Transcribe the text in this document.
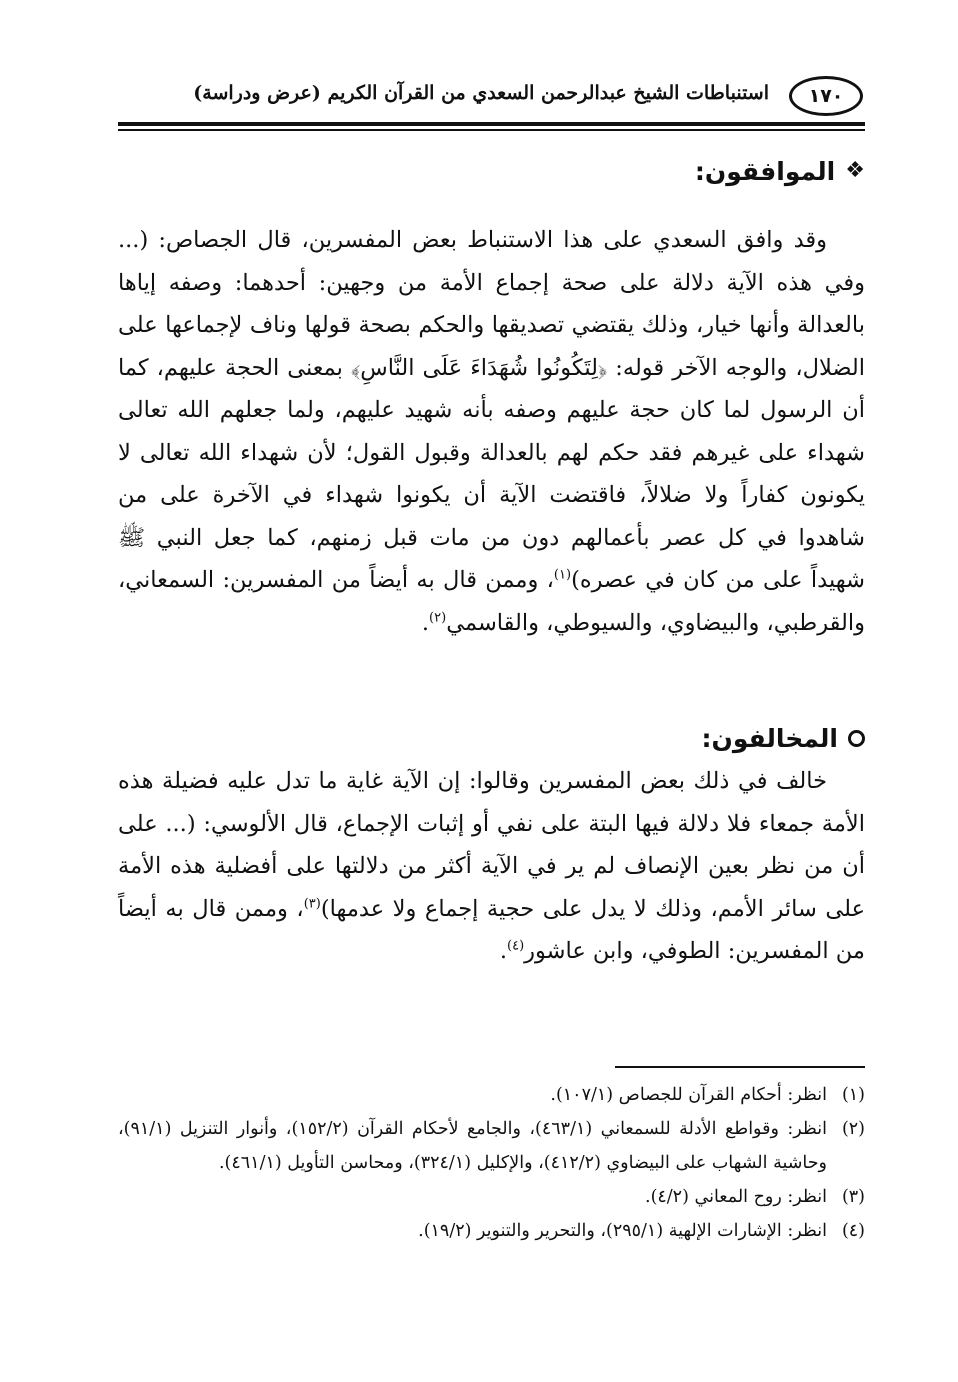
١٧٠
استنباطات الشيخ عبدالرحمن السعدي من القرآن الكريم (عرض ودراسة)
❖
الموافقون:

وقد وافق السعدي على هذا الاستنباط بعض المفسرين، قال الجصاص: (... وفي هذه الآية دلالة على صحة إجماع الأمة من وجهين: أحدهما: وصفه إياها بالعدالة وأنها خيار، وذلك يقتضي تصديقها والحكم بصحة قولها وناف لإجماعها على الضلال، والوجه الآخر قوله: ﴿لِتَكُونُوا شُهَدَاءَ عَلَى النَّاسِ﴾ بمعنى الحجة عليهم، كما أن الرسول لما كان حجة عليهم وصفه بأنه شهيد عليهم، ولما جعلهم الله تعالى شهداء على غيرهم فقد حكم لهم بالعدالة وقبول القول؛ لأن شهداء الله تعالى لا يكونون كفاراً ولا ضلالاً، فاقتضت الآية أن يكونوا شهداء في الآخرة على من شاهدوا في كل عصر بأعمالهم دون من مات قبل زمنهم، كما جعل النبي ﷺ شهيداً على من كان في عصره)$^{(١)}$، وممن قال به أيضاً من المفسرين: السمعاني، والقرطبي، والبيضاوي، والسيوطي، والقاسمي$^{(٢)}$.

المخالفون:

خالف في ذلك بعض المفسرين وقالوا: إن الآية غاية ما تدل عليه فضيلة هذه الأمة جمعاء فلا دلالة فيها البتة على نفي أو إثبات الإجماع، قال الألوسي: (... على أن من نظر بعين الإنصاف لم ير في الآية أكثر من دلالتها على أفضلية هذه الأمة على سائر الأمم، وذلك لا يدل على حجية إجماع ولا عدمها)$^{(٣)}$، وممن قال به أيضاً من المفسرين: الطوفي، وابن عاشور$^{(٤)}$.

(١)
انظر: أحكام القرآن للجصاص (١٠٧/١).
(٢)
انظر: وقواطع الأدلة للسمعاني (٤٦٣/١)، والجامع لأحكام القرآن (١٥٢/٢)، وأنوار التنزيل (٩١/١)، وحاشية الشهاب على البيضاوي (٤١٢/٢)، والإكليل (٣٢٤/١)، ومحاسن التأويل (٤٦١/١).
(٣)
انظر: روح المعاني (٤/٢).
(٤)
انظر: الإشارات الإلهية (٢٩٥/١)، والتحرير والتنوير (١٩/٢).
